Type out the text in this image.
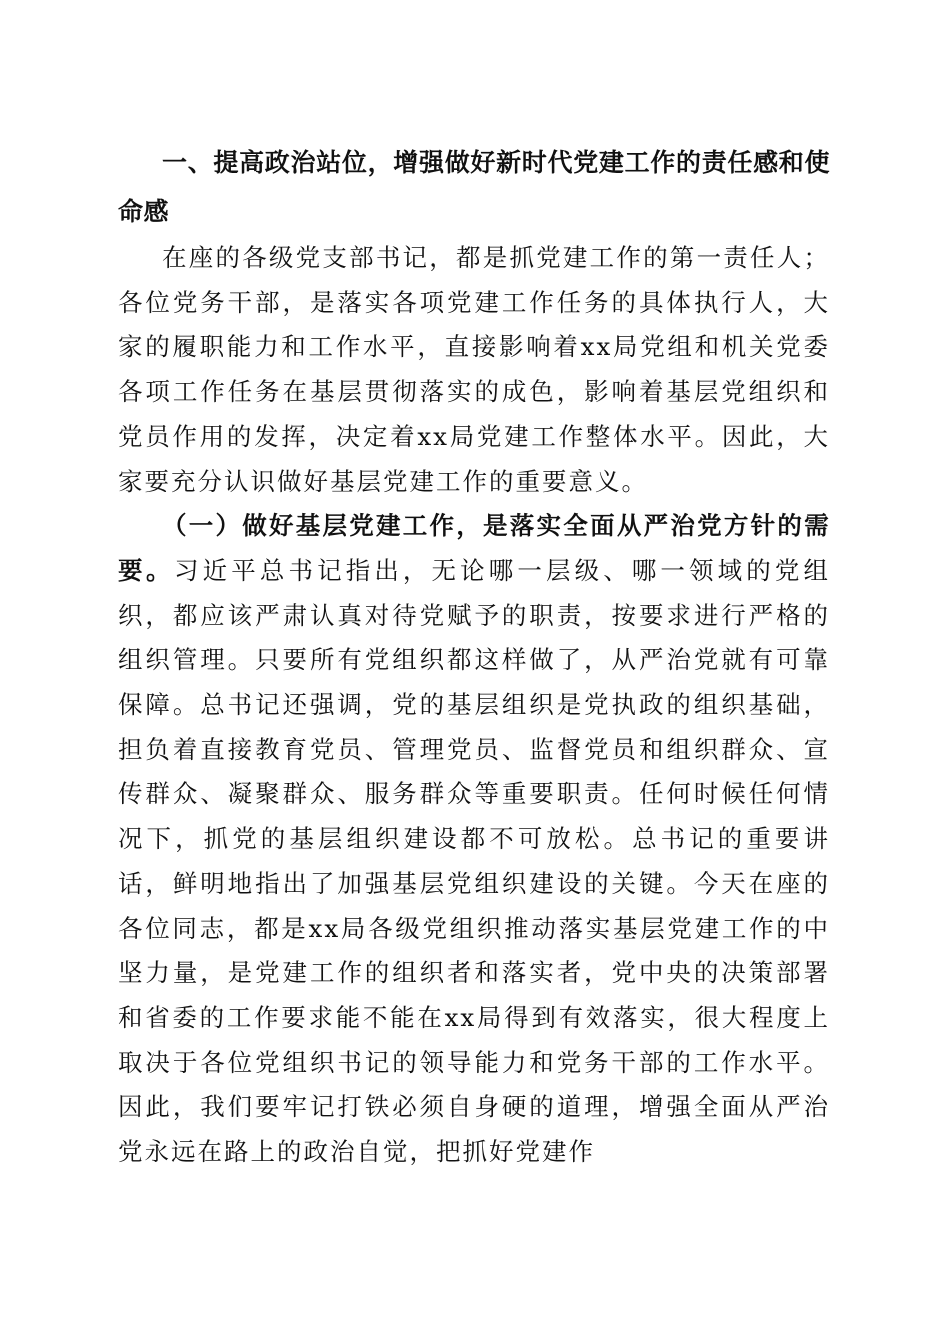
一、提高政治站位，增强做好新时代党建工作的责任感和使命感

在座的各级党支部书记，都是抓党建工作的第一责任人；各位党务干部，是落实各项党建工作任务的具体执行人，大家的履职能力和工作水平，直接影响着xx局党组和机关党委各项工作任务在基层贯彻落实的成色，影响着基层党组织和党员作用的发挥，决定着xx局党建工作整体水平。因此，大家要充分认识做好基层党建工作的重要意义。

（一）做好基层党建工作，是落实全面从严治党方针的需要。习近平总书记指出，无论哪一层级、哪一领域的党组织，都应该严肃认真对待党赋予的职责，按要求进行严格的组织管理。只要所有党组织都这样做了，从严治党就有可靠保障。总书记还强调，党的基层组织是党执政的组织基础，担负着直接教育党员、管理党员、监督党员和组织群众、宣传群众、凝聚群众、服务群众等重要职责。任何时候任何情况下，抓党的基层组织建设都不可放松。总书记的重要讲话，鲜明地指出了加强基层党组织建设的关键。今天在座的各位同志，都是xx局各级党组织推动落实基层党建工作的中坚力量，是党建工作的组织者和落实者，党中央的决策部署和省委的工作要求能不能在xx局得到有效落实，很大程度上取决于各位党组织书记的领导能力和党务干部的工作水平。因此，我们要牢记打铁必须自身硬的道理，增强全面从严治党永远在路上的政治自觉，把抓好党建作
